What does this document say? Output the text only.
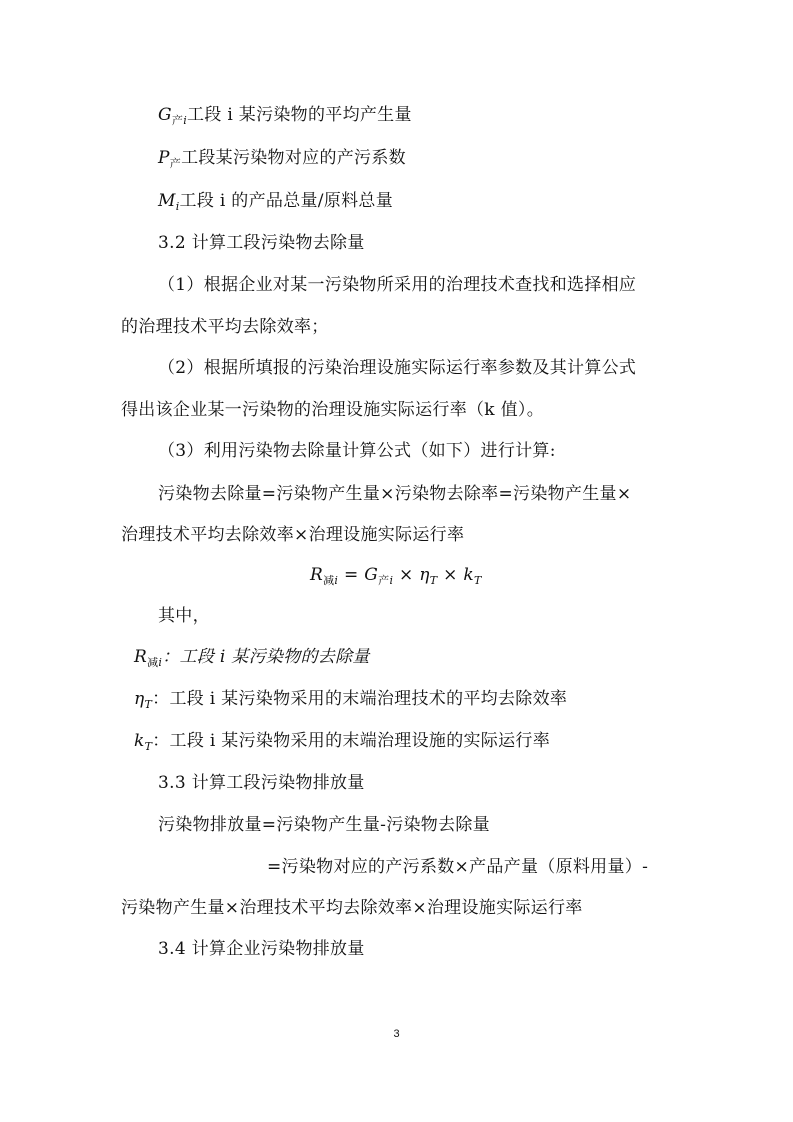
$G_{产i}$工段 i 某污染物的平均产生量
$P_产$工段某污染物对应的产污系数
$M_i$工段 i 的产品总量/原料总量
3.2 计算工段污染物去除量
（1）根据企业对某一污染物所采用的治理技术查找和选择相应
的治理技术平均去除效率；
（2）根据所填报的污染治理设施实际运行率参数及其计算公式
得出该企业某一污染物的治理设施实际运行率（k 值）。
（3）利用污染物去除量计算公式（如下）进行计算:
污染物去除量=污染物产生量×污染物去除率=污染物产生量×
治理技术平均去除效率×治理设施实际运行率
$R_{减i} = G_{产i} \times \eta_T \times k_T$
其中，
$R_{减i}$：工段 i 某污染物的去除量
$\eta_T$：工段 i 某污染物采用的末端治理技术的平均去除效率
$k_T$：工段 i 某污染物采用的末端治理设施的实际运行率
3.3 计算工段污染物排放量
污染物排放量=污染物产生量-污染物去除量
=污染物对应的产污系数×产品产量（原料用量）-
污染物产生量×治理技术平均去除效率×治理设施实际运行率
3.4 计算企业污染物排放量
3
